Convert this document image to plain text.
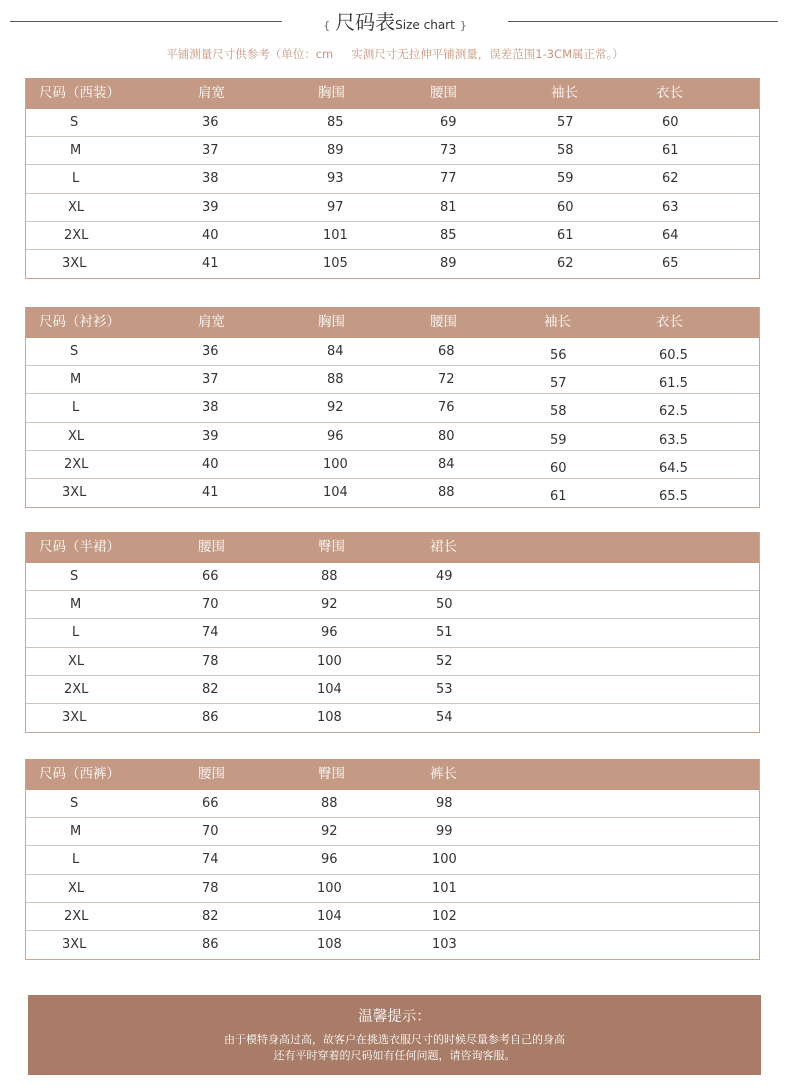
{ 尺码表Size chart }
平铺测量尺寸供参考（单位：cm 实测尺寸无拉伸平铺测量，误差范围1-3CM属正常。）
尺码（西装）	肩宽	胸围	腰围	袖长	衣长
S	36	85	69	57	60
M	37	89	73	58	61
L	38	93	77	59	62
XL	39	97	81	60	63
2XL	40	101	85	61	64
3XL	41	105	89	62	65
尺码（衬衫）	肩宽	胸围	腰围	袖长	衣长
S	36	84	68	56	60.5
M	37	88	72	57	61.5
L	38	92	76	58	62.5
XL	39	96	80	59	63.5
2XL	40	100	84	60	64.5
3XL	41	104	88	61	65.5
尺码（半裙）	腰围	臀围	裙长
S	66	88	49
M	70	92	50
L	74	96	51
XL	78	100	52
2XL	82	104	53
3XL	86	108	54
尺码（西裤）	腰围	臀围	裤长
S	66	88	98
M	70	92	99
L	74	96	100
XL	78	100	101
2XL	82	104	102
3XL	86	108	103
温馨提示：
由于模特身高过高，故客户在挑选衣服尺寸的时候尽量参考自己的身高
还有平时穿着的尺码如有任何问题，请咨询客服。
